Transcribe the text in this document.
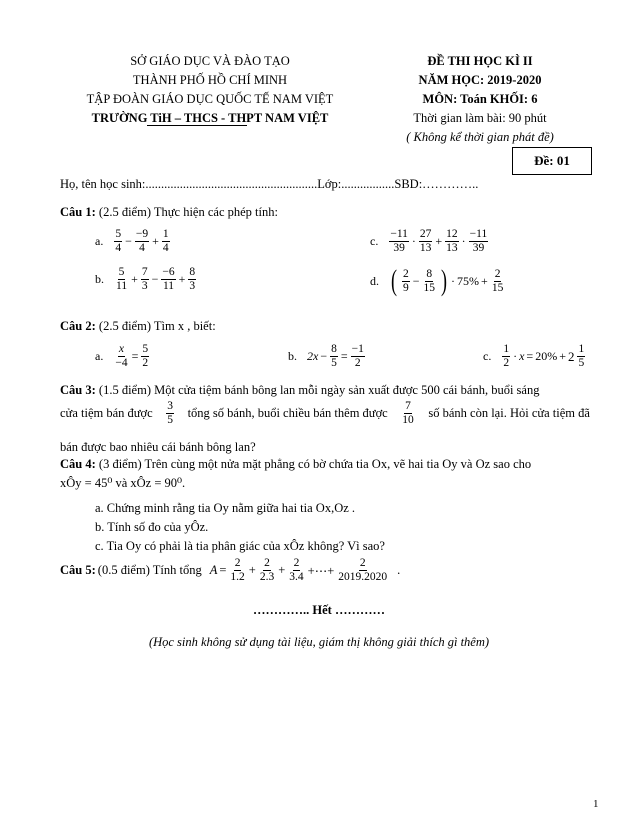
SỞ GIÁO DỤC VÀ ĐÀO TẠO
THÀNH PHỐ HỒ CHÍ MINH
TẬP ĐOÀN GIÁO DỤC QUỐC TẾ NAM VIỆT
TRƯỜNG TiH – THCS - THPT NAM VIỆT
ĐỀ THI HỌC KÌ II
NĂM HỌC: 2019-2020
MÔN: Toán KHỐI: 6
Thời gian làm bài: 90 phút
( Không kể thời gian phát đề)
Đề: 01
Họ, tên học sinh:.......................................................Lớp:.................SBD:…………..
Câu 1: (2.5 điểm) Thực hiện các phép tính:
a. $\frac{5}{4} - \frac{-9}{4} + \frac{1}{4}$	c. $\frac{-11}{39} \cdot \frac{27}{13} + \frac{12}{13} \cdot \frac{-11}{39}$
b. $\frac{5}{11} + \frac{7}{3} - \frac{-6}{11} + \frac{8}{3}$	d. ( $\frac{2}{9} - \frac{8}{15}$ ) · $75\% + \frac{2}{15}$
Câu 2: (2.5 điểm) Tìm x , biết:
a. $\frac{x}{-4} = \frac{5}{2}$	b. $2x - \frac{8}{5} = \frac{-1}{2}$	c. $\frac{1}{2} \cdot x = 20\% + 2 \frac{1}{5}$
Câu 3: (1.5 điểm) Một cửa tiệm bánh bông lan mỗi ngày sản xuất được 500 cái bánh, buổi sáng
cửa tiệm bán được $\frac{3}{5}$ tổng số bánh, buổi chiều bán thêm được $\frac{7}{10}$ số bánh còn lại. Hỏi cửa tiệm đã
bán được bao nhiêu cái bánh bông lan?
Câu 4: (3 điểm) Trên cùng một nửa mặt phẳng có bờ chứa tia Ox, vẽ hai tia Oy và Oz sao cho
xÔy = 45⁰ và xÔz = 90⁰.
a. Chứng minh rằng tia Oy nằm giữa hai tia Ox,Oz .
b. Tính số đo của yÔz.
c. Tia Oy có phải là tia phân giác của xÔz không? Vì sao?
Câu 5: (0.5 điểm) Tính tổng $A = \frac{2}{1.2} + \frac{2}{2.3} + \frac{2}{3.4}$ +⋯+ $\frac{2}{2019.2020}$ .
………….. Hết …………
(Học sinh không sử dụng tài liệu, giám thị không giải thích gì thêm)
1
